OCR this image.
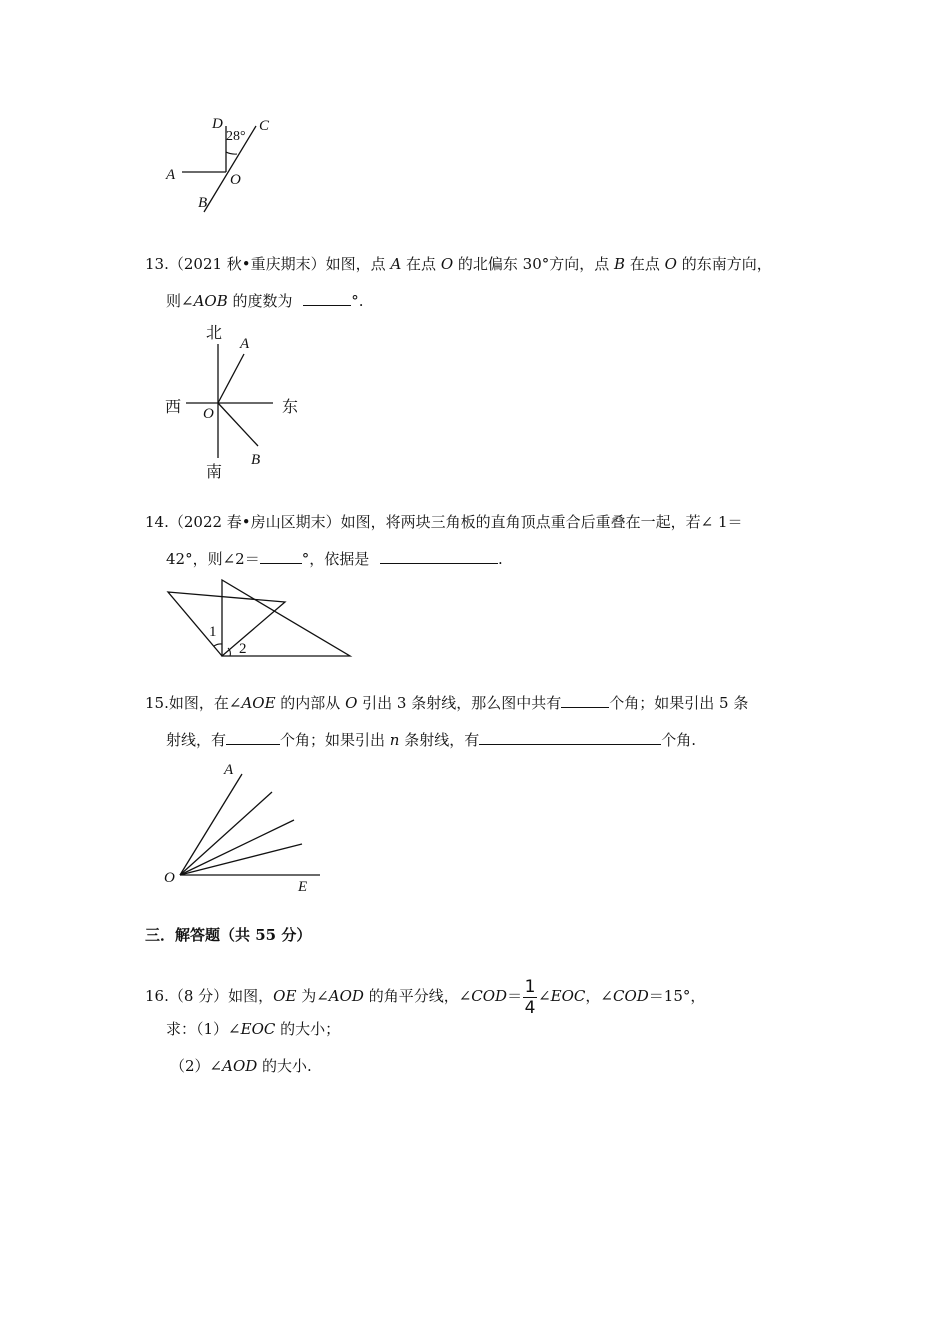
D
28°
C
A	O
B
13.（2021 秋•重庆期末）如图，点 A 在点 O 的北偏东 30°方向，点 B 在点 O 的东南方向，
则∠AOB 的度数为	°.
北
A
西 O	东
B
南
14.（2022 春•房山区期末）如图，将两块三角板的直角顶点重合后重叠在一起，若∠ 1＝
42°，则∠2＝	°，依据是	.
1
2
15.如图，在∠AOE 的内部从 O 引出 3 条射线，那么图中共有	个角；如果引出 5 条
射线，有	个角；如果引出 n 条射线，有	个角.
A
O
E
三．解答题（共 55 分）
16.（8 分）如图，OE 为∠AOD 的角平分线，∠COD＝ $\frac{1}{4}$ ∠EOC，∠COD＝15°，
求：（1）∠EOC 的大小；
（2）∠AOD 的大小.
